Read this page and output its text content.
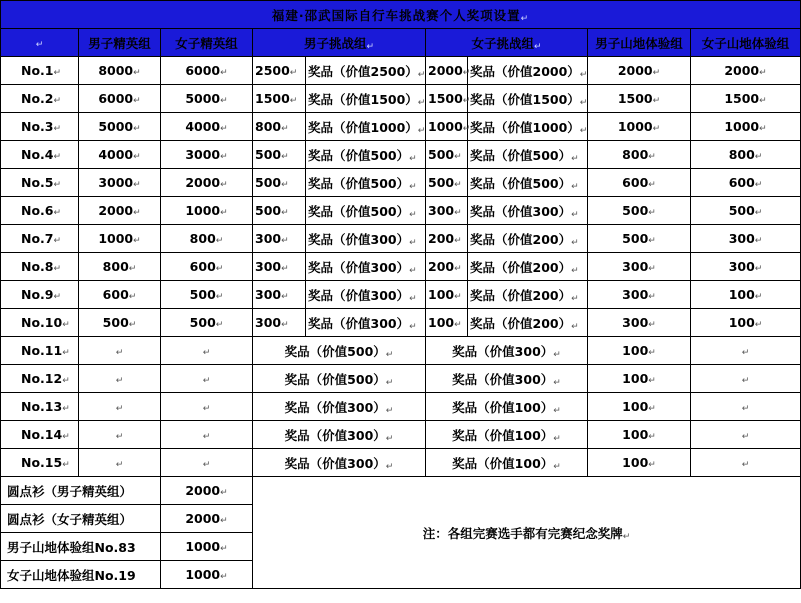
福建·邵武国际自行车挑战赛个人奖项设置↵								
↵	男子精英组	女子精英组	男子挑战组↵		女子挑战组↵		男子山地体验组	女子山地体验组
No.1↵	8000↵	6000↵	2500↵	奖品（价值2500）↵	2000↵	奖品（价值2000）↵	2000↵	2000↵
No.2↵	6000↵	5000↵	1500↵	奖品（价值1500）↵	1500↵	奖品（价值1500）↵	1500↵	1500↵
No.3↵	5000↵	4000↵	800↵	奖品（价值1000）↵	1000↵	奖品（价值1000）↵	1000↵	1000↵
No.4↵	4000↵	3000↵	500↵	奖品（价值500）↵	500↵	奖品（价值500）↵	800↵	800↵
No.5↵	3000↵	2000↵	500↵	奖品（价值500）↵	500↵	奖品（价值500）↵	600↵	600↵
No.6↵	2000↵	1000↵	500↵	奖品（价值500）↵	300↵	奖品（价值300）↵	500↵	500↵
No.7↵	1000↵	800↵	300↵	奖品（价值300）↵	200↵	奖品（价值200）↵	500↵	300↵
No.8↵	800↵	600↵	300↵	奖品（价值300）↵	200↵	奖品（价值200）↵	300↵	300↵
No.9↵	600↵	500↵	300↵	奖品（价值300）↵	100↵	奖品（价值200）↵	300↵	100↵
No.10↵	500↵	500↵	300↵	奖品（价值300）↵	100↵	奖品（价值200）↵	300↵	100↵
No.11↵	↵	↵	奖品（价值500）↵		奖品（价值300）↵		100↵	↵
No.12↵	↵	↵	奖品（价值500）↵		奖品（价值300）↵		100↵	↵
No.13↵	↵	↵	奖品（价值300）↵		奖品（价值100）↵		100↵	↵
No.14↵	↵	↵	奖品（价值300）↵		奖品（价值100）↵		100↵	↵
No.15↵	↵	↵	奖品（价值300）↵		奖品（价值100）↵		100↵	↵
圆点衫（男子精英组）		2000↵	注：各组完赛选手都有完赛纪念奖牌↵					
圆点衫（女子精英组）		2000↵						
男子山地体验组No.83		1000↵						
女子山地体验组No.19		1000↵						
